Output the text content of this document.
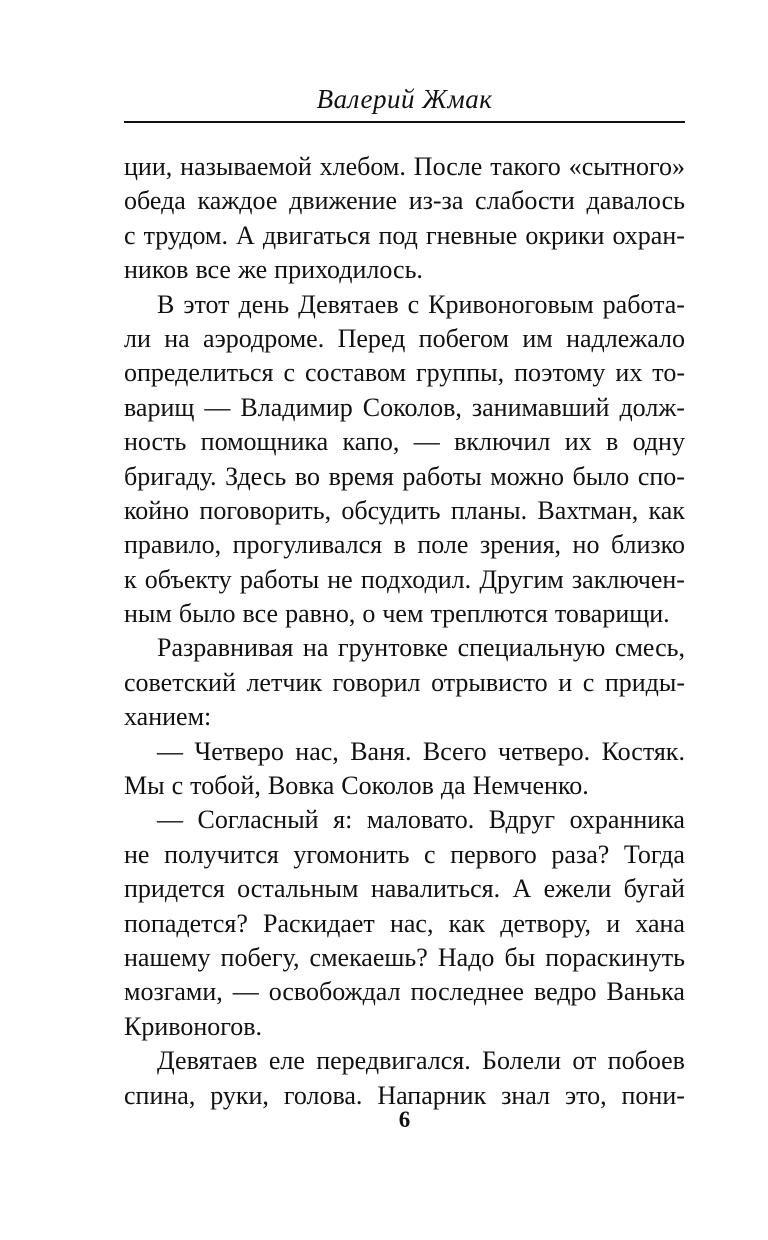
Валерий Жмак
ции, называемой хлебом. После такого «сытного»
обеда каждое движение из-за слабости давалось
с трудом. А двигаться под гневные окрики охран-
ников все же приходилось.
В этот день Девятаев с Кривоноговым работа-
ли на аэродроме. Перед побегом им надлежало
определиться с составом группы, поэтому их то-
варищ — Владимир Соколов, занимавший долж-
ность помощника капо, — включил их в одну
бригаду. Здесь во время работы можно было спо-
койно поговорить, обсудить планы. Вахтман, как
правило, прогуливался в поле зрения, но близко
к объекту работы не подходил. Другим заключен-
ным было все равно, о чем треплются товарищи.
Разравнивая на грунтовке специальную смесь,
советский летчик говорил отрывисто и с приды-
ханием:
— Четверо нас, Ваня. Всего четверо. Костяк.
Мы с тобой, Вовка Соколов да Немченко.
— Согласный я: маловато. Вдруг охранника
не получится угомонить с первого раза? Тогда
придется остальным навалиться. А ежели бугай
попадется? Раскидает нас, как детвору, и хана
нашему побегу, смекаешь? Надо бы пораскинуть
мозгами, — освобождал последнее ведро Ванька
Кривоногов.
Девятаев еле передвигался. Болели от побоев
спина, руки, голова. Напарник знал это, пони-
6
